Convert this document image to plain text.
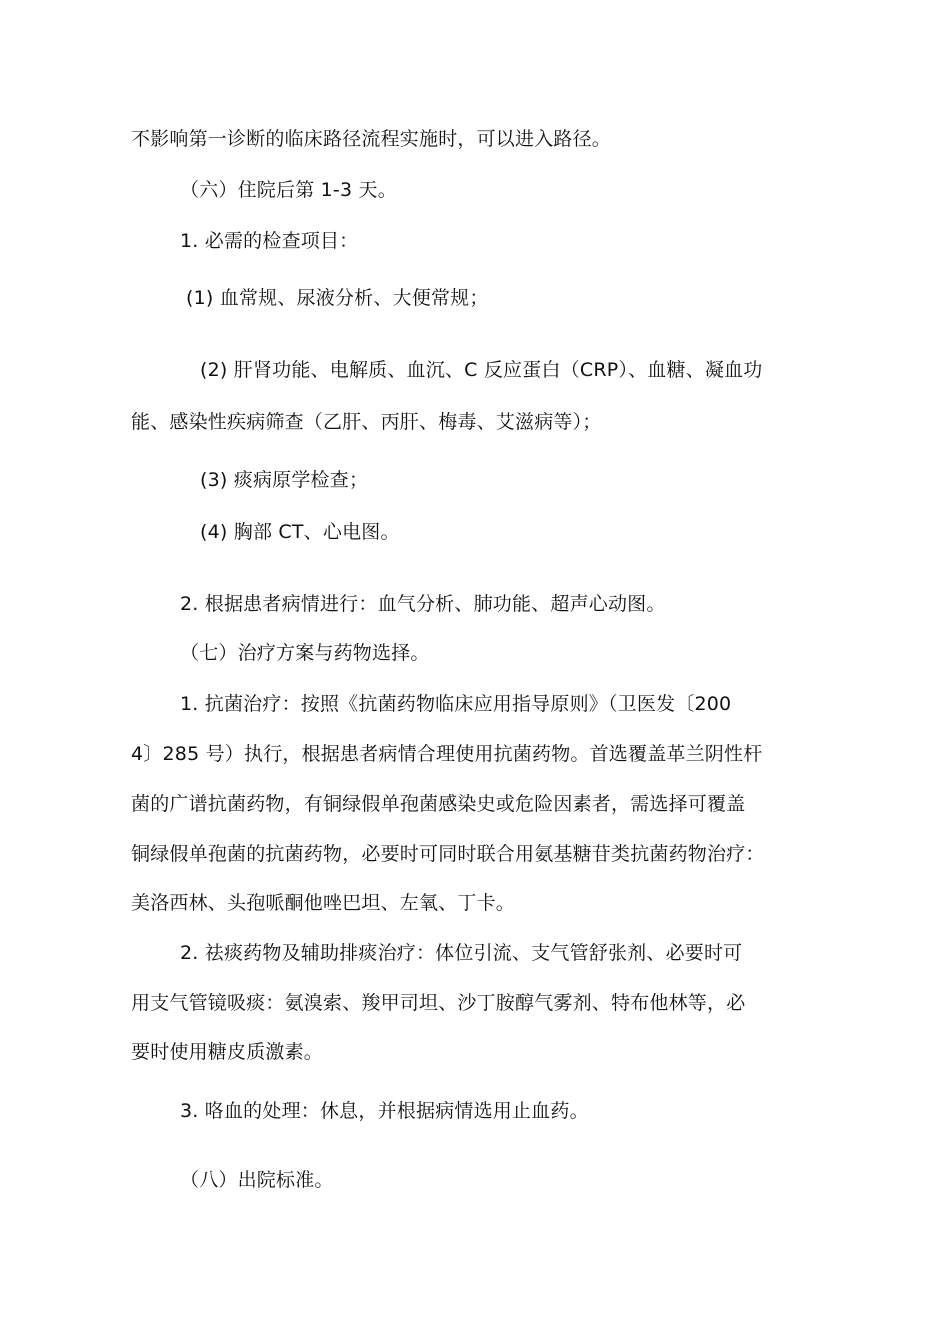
不影响第一诊断的临床路径流程实施时，可以进入路径。
（六）住院后第 1-3 天。
1. 必需的检查项目：
(1) 血常规、尿液分析、大便常规；
(2) 肝肾功能、电解质、血沉、C 反应蛋白（CRP）、血糖、凝血功
能、感染性疾病筛查（乙肝、丙肝、梅毒、艾滋病等）；
(3) 痰病原学检查；
(4) 胸部 CT、心电图。
2. 根据患者病情进行：血气分析、肺功能、超声心动图。
（七）治疗方案与药物选择。
1. 抗菌治疗：按照《抗菌药物临床应用指导原则》（卫医发〔200
4〕285 号）执行，根据患者病情合理使用抗菌药物。首选覆盖革兰阴性杆
菌的广谱抗菌药物，有铜绿假单孢菌感染史或危险因素者，需选择可覆盖
铜绿假单孢菌的抗菌药物，必要时可同时联合用氨基糖苷类抗菌药物治疗：
美洛西林、头孢哌酮他唑巴坦、左氧、丁卡。
2. 祛痰药物及辅助排痰治疗：体位引流、支气管舒张剂、必要时可
用支气管镜吸痰：氨溴索、羧甲司坦、沙丁胺醇气雾剂、特布他林等，必
要时使用糖皮质激素。
3. 咯血的处理：休息，并根据病情选用止血药。
（八）出院标准。
